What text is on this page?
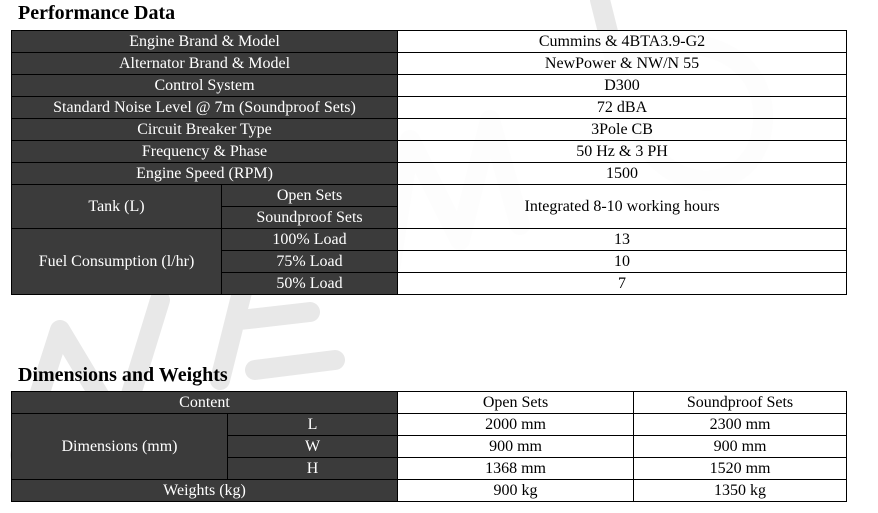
Performance Data
Engine Brand & Model		Cummins & 4BTA3.9-G2
Alternator Brand & Model		NewPower & NW/N 55
Control System		D300
Standard Noise Level @ 7m (Soundproof Sets)		72 dBA
Circuit Breaker Type		3Pole CB
Frequency & Phase		50 Hz & 3 PH
Engine Speed (RPM)		1500
Tank (L)	Open Sets	Integrated 8-10 working hours
	Soundproof Sets	
Fuel Consumption (l/hr)	100% Load	13
	75% Load	10
	50% Load	7
Dimensions and Weights
Content		Open Sets	Soundproof Sets
Dimensions (mm)	L	2000 mm	2300 mm
	W	900 mm	900 mm
	H	1368 mm	1520 mm
Weights (kg)		900 kg	1350 kg
